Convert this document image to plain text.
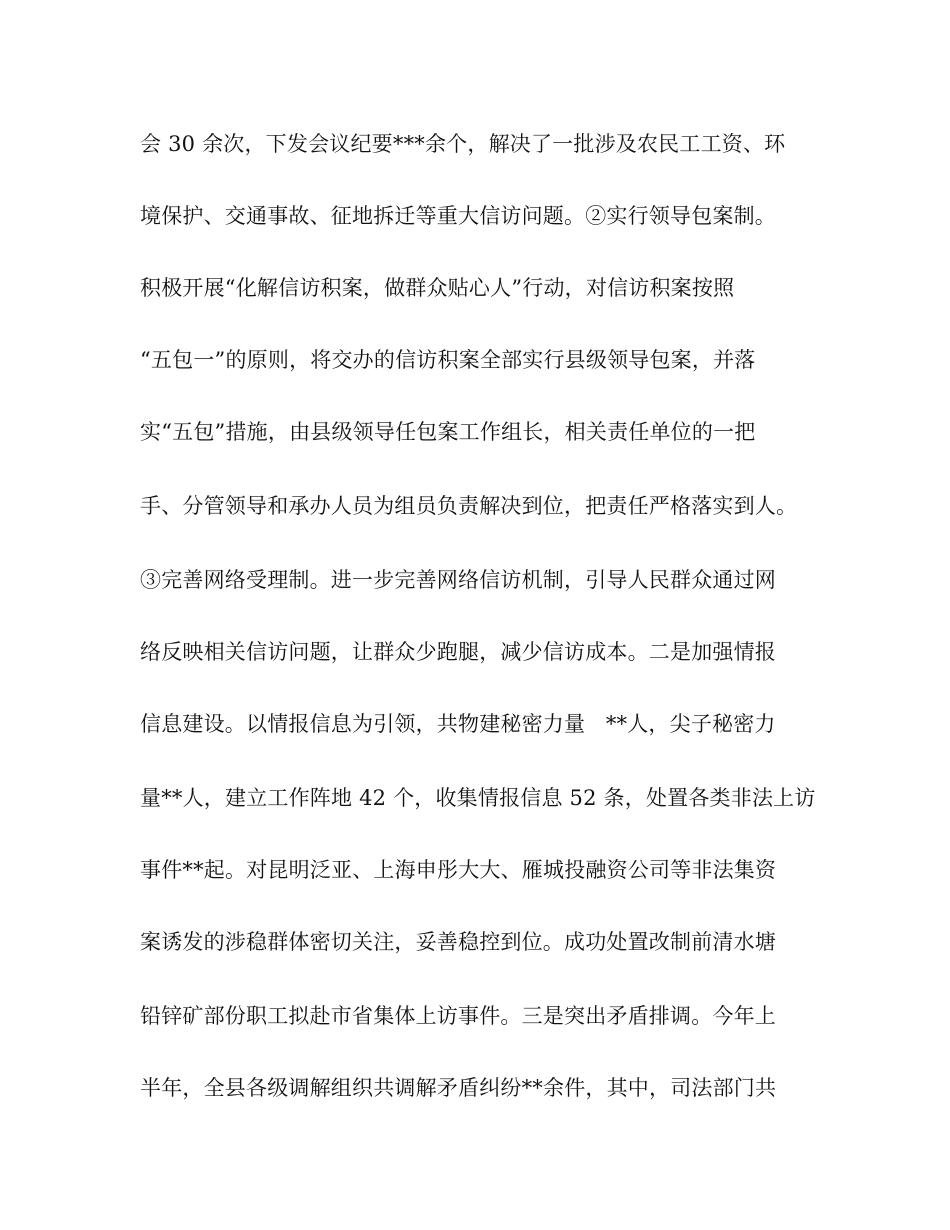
会 30 余次，下发会议纪要***余个，解决了一批涉及农民工工资、环
境保护、交通事故、征地拆迁等重大信访问题。②实行领导包案制。
积极开展“化解信访积案，做群众贴心人”行动，对信访积案按照
“五包一”的原则，将交办的信访积案全部实行县级领导包案，并落
实“五包”措施，由县级领导任包案工作组长，相关责任单位的一把
手、分管领导和承办人员为组员负责解决到位，把责任严格落实到人。
③完善网络受理制。进一步完善网络信访机制，引导人民群众通过网
络反映相关信访问题，让群众少跑腿，减少信访成本。二是加强情报
信息建设。以情报信息为引领，共物建秘密力量   **人，尖子秘密力
量**人，建立工作阵地 42 个，收集情报信息 52 条，处置各类非法上访
事件**起。对昆明泛亚、上海申彤大大、雁城投融资公司等非法集资
案诱发的涉稳群体密切关注，妥善稳控到位。成功处置改制前清水塘
铅锌矿部份职工拟赴市省集体上访事件。三是突出矛盾排调。今年上
半年，全县各级调解组织共调解矛盾纠纷**余件，其中，司法部门共
